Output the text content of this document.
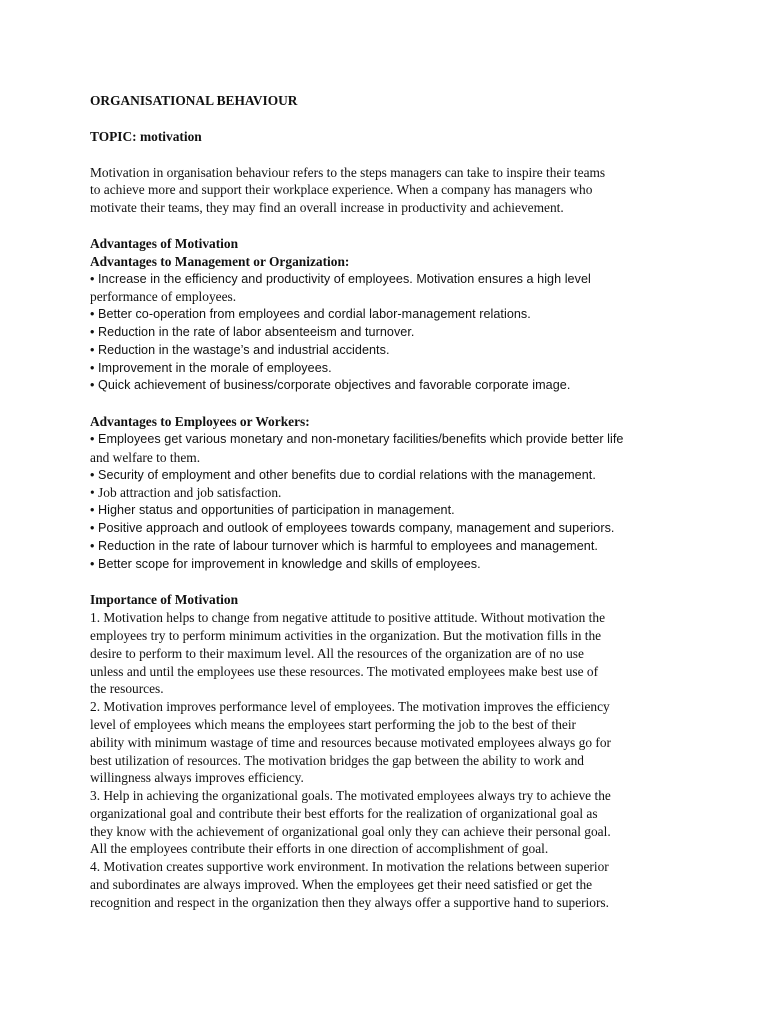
ORGANISATIONAL BEHAVIOUR
TOPIC: motivation
Motivation in organisation behaviour refers to the steps managers can take to inspire their teams
to achieve more and support their workplace experience. When a company has managers who
motivate their teams, they may find an overall increase in productivity and achievement.
Advantages of Motivation
Advantages to Management or Organization:
• Increase in the efficiency and productivity of employees. Motivation ensures a high level
performance of employees.
• Better co-operation from employees and cordial labor-management relations.
• Reduction in the rate of labor absenteeism and turnover.
• Reduction in the wastage’s and industrial accidents.
• Improvement in the morale of employees.
• Quick achievement of business/corporate objectives and favorable corporate image.
Advantages to Employees or Workers:
• Employees get various monetary and non-monetary facilities/benefits which provide better life
and welfare to them.
• Security of employment and other benefits due to cordial relations with the management.
• Job attraction and job satisfaction.
• Higher status and opportunities of participation in management.
• Positive approach and outlook of employees towards company, management and superiors.
• Reduction in the rate of labour turnover which is harmful to employees and management.
• Better scope for improvement in knowledge and skills of employees.
Importance of Motivation
1. Motivation helps to change from negative attitude to positive attitude. Without motivation the
employees try to perform minimum activities in the organization. But the motivation fills in the
desire to perform to their maximum level. All the resources of the organization are of no use
unless and until the employees use these resources. The motivated employees make best use of
the resources.
2. Motivation improves performance level of employees. The motivation improves the efficiency
level of employees which means the employees start performing the job to the best of their
ability with minimum wastage of time and resources because motivated employees always go for
best utilization of resources. The motivation bridges the gap between the ability to work and
willingness always improves efficiency.
3. Help in achieving the organizational goals. The motivated employees always try to achieve the
organizational goal and contribute their best efforts for the realization of organizational goal as
they know with the achievement of organizational goal only they can achieve their personal goal.
All the employees contribute their efforts in one direction of accomplishment of goal.
4. Motivation creates supportive work environment. In motivation the relations between superior
and subordinates are always improved. When the employees get their need satisfied or get the
recognition and respect in the organization then they always offer a supportive hand to superiors.
